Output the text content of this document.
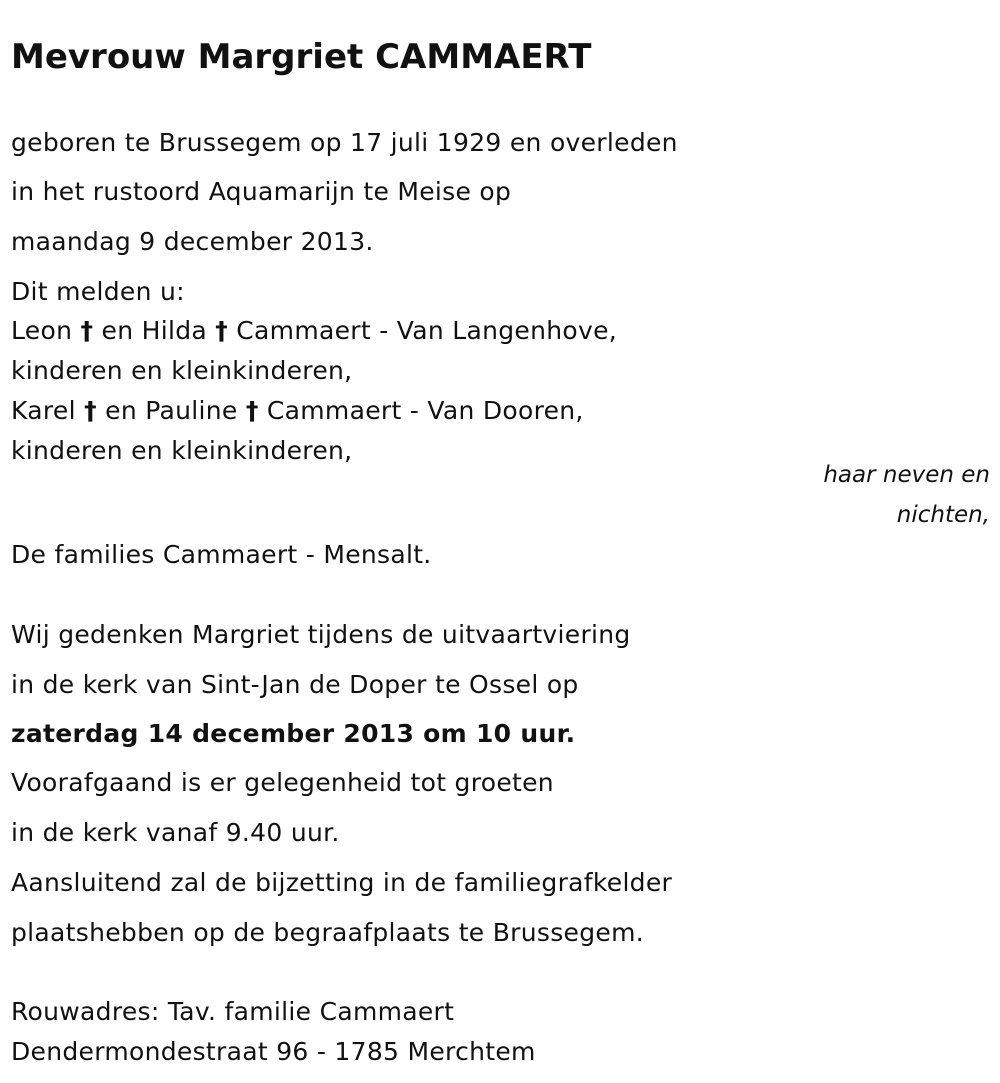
Mevrouw Margriet CAMMAERT
geboren te Brussegem op 17 juli 1929 en overleden
in het rustoord Aquamarijn te Meise op
maandag 9 december 2013.
Dit melden u:
Leon † en Hilda † Cammaert - Van Langenhove,
kinderen en kleinkinderen,
Karel † en Pauline † Cammaert - Van Dooren,
kinderen en kleinkinderen,
haar neven en
nichten,
De families Cammaert - Mensalt.
Wij gedenken Margriet tijdens de uitvaartviering
in de kerk van Sint-Jan de Doper te Ossel op
zaterdag 14 december 2013 om 10 uur.
Voorafgaand is er gelegenheid tot groeten
in de kerk vanaf 9.40 uur.
Aansluitend zal de bijzetting in de familiegrafkelder
plaatshebben op de begraafplaats te Brussegem.
Rouwadres: Tav. familie Cammaert
Dendermondestraat 96 - 1785 Merchtem
